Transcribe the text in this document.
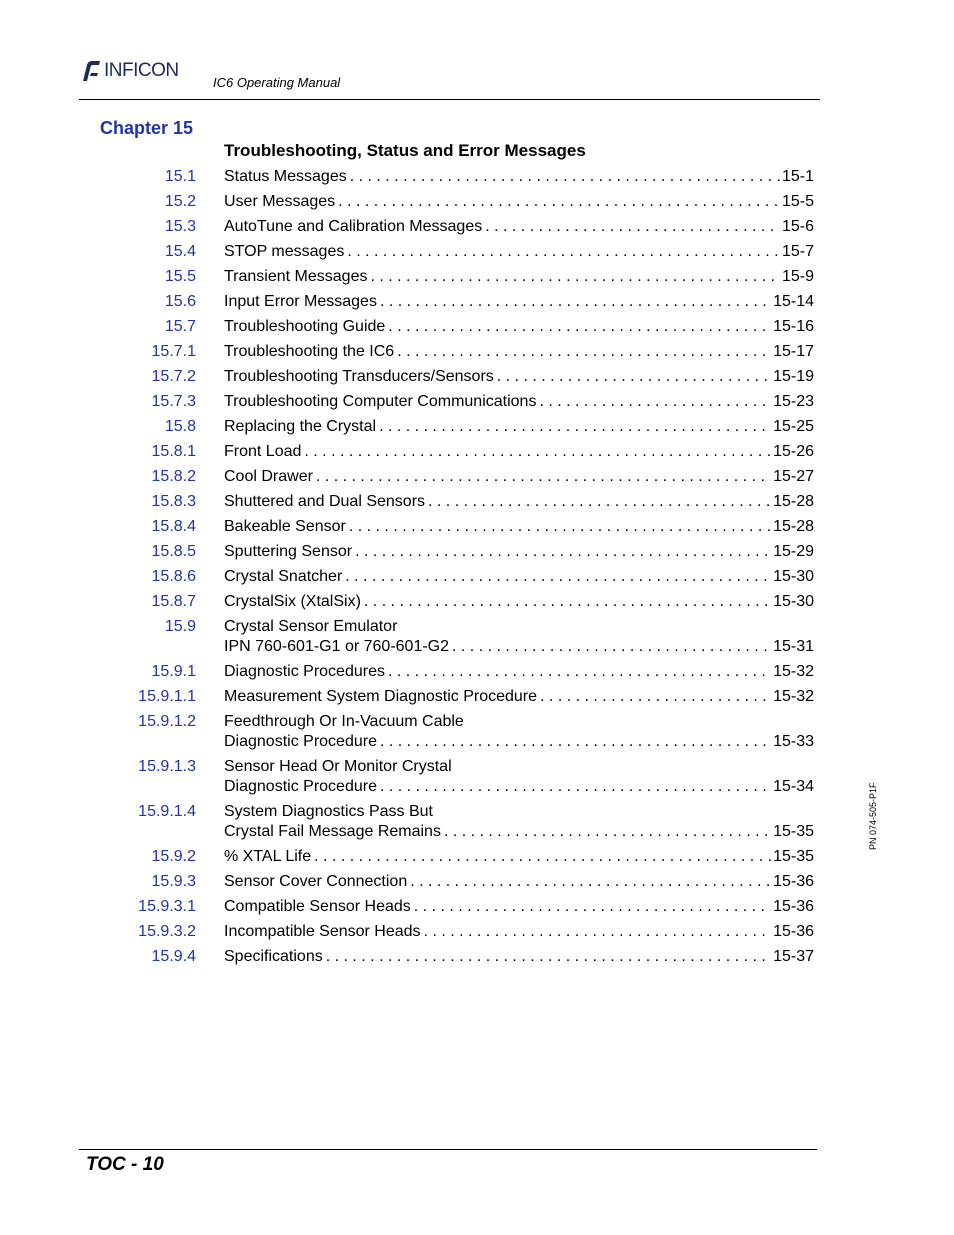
INFICON
IC6 Operating Manual
Chapter 15
Troubleshooting, Status and Error Messages
15.1 Status Messages . . .	15-1
15.2 User Messages . . .	15-5
15.3 AutoTune and Calibration Messages . . .	15-6
15.4 STOP messages . . .	15-7
15.5 Transient Messages . . .	15-9
15.6 Input Error Messages . . .	15-14
15.7 Troubleshooting Guide . . .	15-16
15.7.1 Troubleshooting the IC6 . . .	15-17
15.7.2 Troubleshooting Transducers/Sensors . . .	15-19
15.7.3 Troubleshooting Computer Communications . . .	15-23
15.8 Replacing the Crystal . . .	15-25
15.8.1 Front Load . . .	15-26
15.8.2 Cool Drawer . . .	15-27
15.8.3 Shuttered and Dual Sensors . . .	15-28
15.8.4 Bakeable Sensor . . .	15-28
15.8.5 Sputtering Sensor . . .	15-29
15.8.6 Crystal Snatcher . . .	15-30
15.8.7 CrystalSix (XtalSix) . . .	15-30
15.9 Crystal Sensor Emulator
IPN 760-601-G1 or 760-601-G2 . . .	15-31
15.9.1 Diagnostic Procedures . . .	15-32
15.9.1.1 Measurement System Diagnostic Procedure . . .	15-32
15.9.1.2 Feedthrough Or In-Vacuum Cable
Diagnostic Procedure . . .	15-33
15.9.1.3 Sensor Head Or Monitor Crystal
Diagnostic Procedure . . .	15-34
15.9.1.4 System Diagnostics Pass But
Crystal Fail Message Remains . . .	15-35
15.9.2 % XTAL Life . . .	15-35
15.9.3 Sensor Cover Connection . . .	15-36
15.9.3.1 Compatible Sensor Heads . . .	15-36
15.9.3.2 Incompatible Sensor Heads . . .	15-36
15.9.4 Specifications . . .	15-37
PN 074-505-P1F
TOC - 10
